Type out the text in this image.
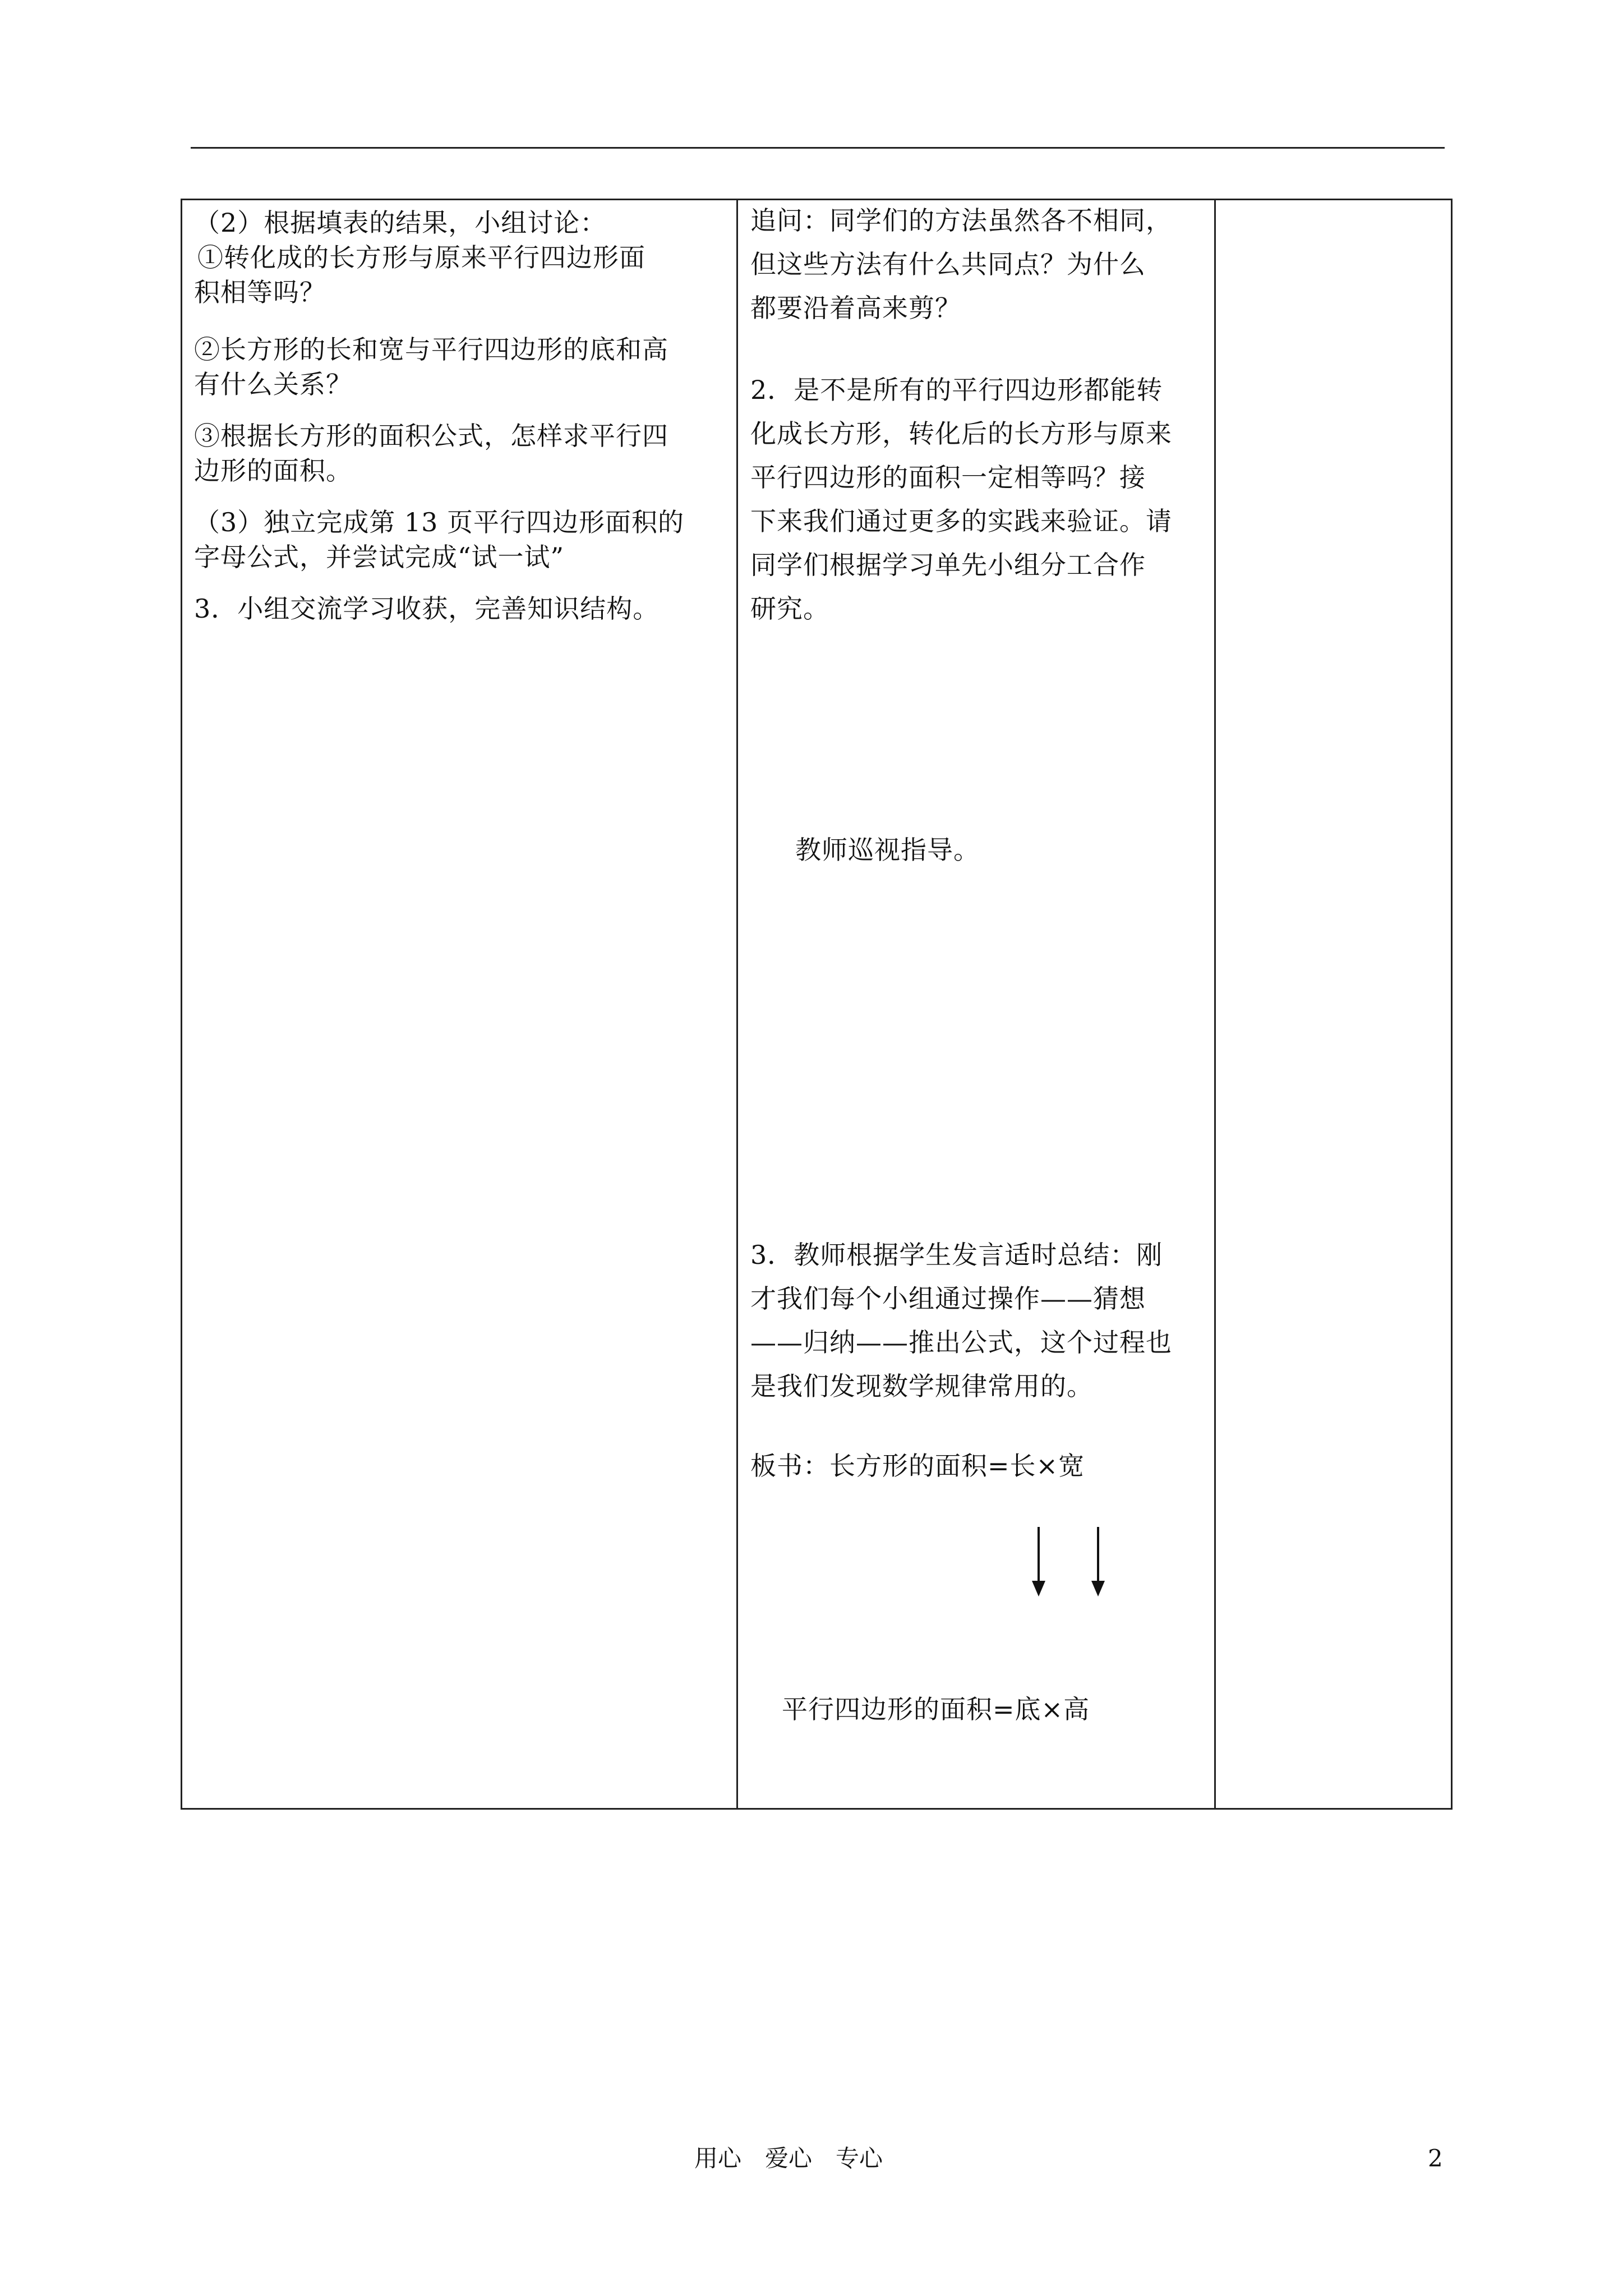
（2）根据填表的结果，小组讨论：
①转化成的长方形与原来平行四边形面
积相等吗？
②长方形的长和宽与平行四边形的底和高
有什么关系？
③根据长方形的面积公式，怎样求平行四
边形的面积。
（3）独立完成第 13 页平行四边形面积的
字母公式，并尝试完成“试一试”
3．小组交流学习收获，完善知识结构。
追问：同学们的方法虽然各不相同，
但这些方法有什么共同点？为什么
都要沿着高来剪？
2．是不是所有的平行四边形都能转
化成长方形，转化后的长方形与原来
平行四边形的面积一定相等吗？接
下来我们通过更多的实践来验证。请
同学们根据学习单先小组分工合作
研究。
教师巡视指导。
3．教师根据学生发言适时总结：刚
才我们每个小组通过操作——猜想
——归纳——推出公式，这个过程也
是我们发现数学规律常用的。
板书：长方形的面积=长×宽
平行四边形的面积=底×高
用心　爱心　专心	2
